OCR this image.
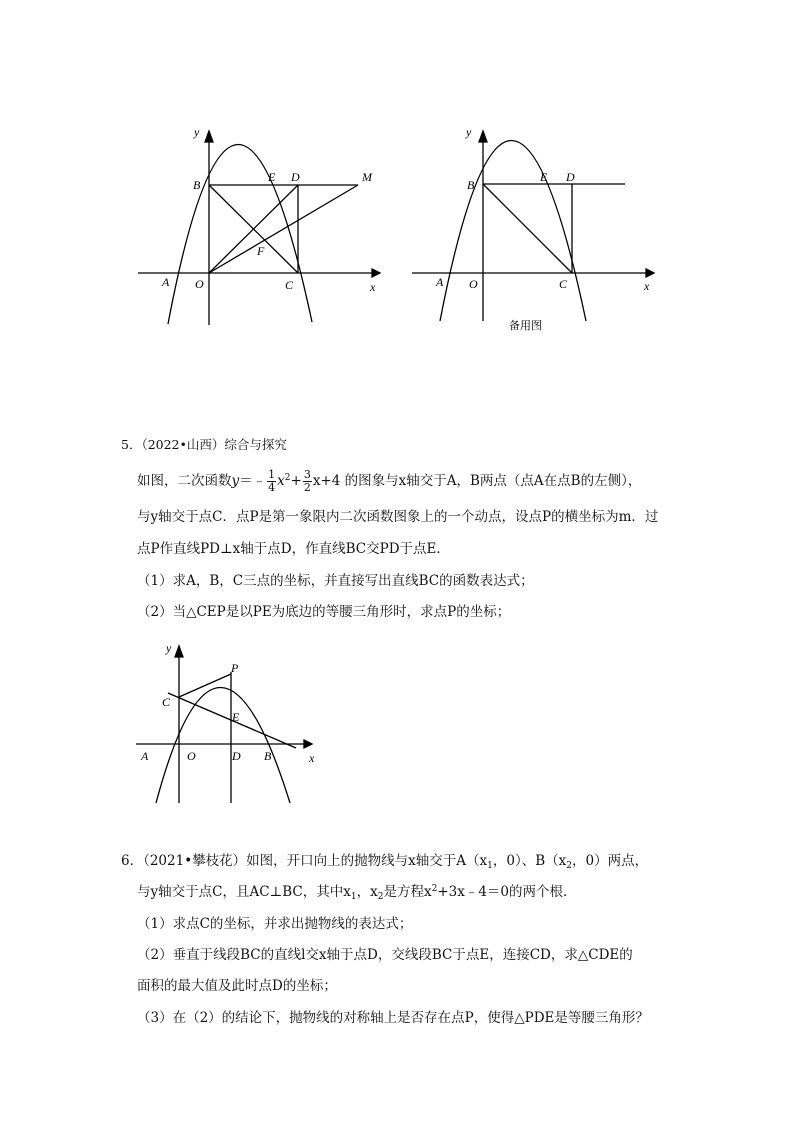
y
x
A O
B
C
E D	M
F
y
x
A O
B
C
E D
备用图
5．（2022•山西）综合与探究
如图，二次函数y＝﹣ $\frac{1}{4} x^2+ \frac{3}{2} x+4$ 的图象与x轴交于A，B两点（点A在点B的左侧），
与y轴交于点C．点P是第一象限内二次函数图象上的一个动点，设点P的横坐标为m．过
点P作直线PD⊥x轴于点D，作直线BC交PD于点E．
（1）求A，B，C三点的坐标，并直接写出直线BC的函数表达式；
（2）当△CEP是以PE为底边的等腰三角形时，求点P的坐标；
y
x
A	O	D B
C
E
P
6．（2021•攀枝花）如图，开口向上的抛物线与x轴交于$A(x_1$，0）、$B(x_2$，0）两点，
与y轴交于点C，且AC⊥BC，其中$x_1$，$x_2$是方程$x^2+3x﹣4=0$的两个根．
（1）求点C的坐标，并求出抛物线的表达式；
（2）垂直于线段BC的直线l交x轴于点D，交线段BC于点E，连接CD，求△CDE的
面积的最大值及此时点D的坐标；
（3）在（2）的结论下，抛物线的对称轴上是否存在点P，使得△PDE是等腰三角形？
